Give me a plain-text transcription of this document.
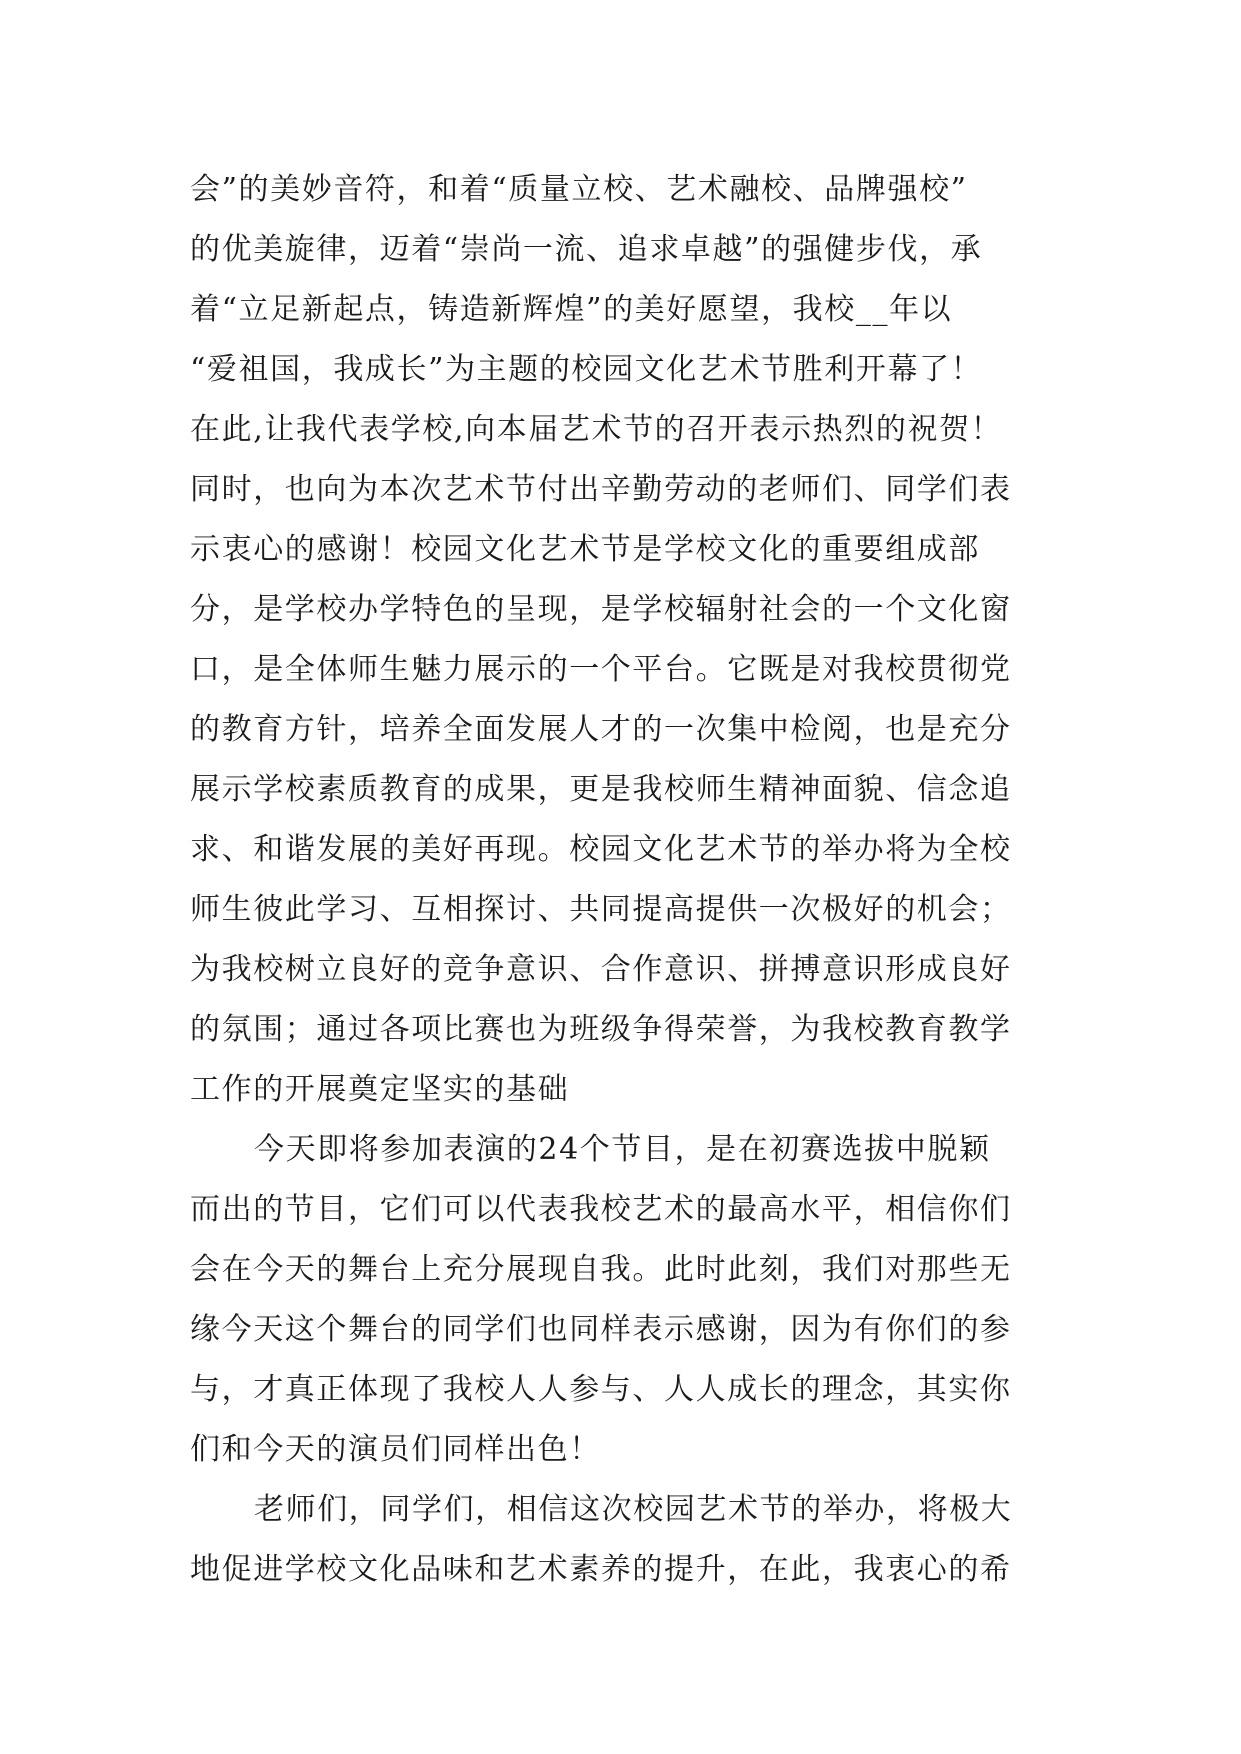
会”的美妙音符，和着“质量立校、艺术融校、品牌强校”
的优美旋律，迈着“崇尚一流、追求卓越”的强健步伐，承
着“立足新起点，铸造新辉煌”的美好愿望，我校__年以
“爱祖国，我成长”为主题的校园文化艺术节胜利开幕了！
在此,让我代表学校,向本届艺术节的召开表示热烈的祝贺！
同时，也向为本次艺术节付出辛勤劳动的老师们、同学们表
示衷心的感谢！校园文化艺术节是学校文化的重要组成部
分，是学校办学特色的呈现，是学校辐射社会的一个文化窗
口，是全体师生魅力展示的一个平台。它既是对我校贯彻党
的教育方针，培养全面发展人才的一次集中检阅，也是充分
展示学校素质教育的成果，更是我校师生精神面貌、信念追
求、和谐发展的美好再现。校园文化艺术节的举办将为全校
师生彼此学习、互相探讨、共同提高提供一次极好的机会；
为我校树立良好的竞争意识、合作意识、拼搏意识形成良好
的氛围；通过各项比赛也为班级争得荣誉，为我校教育教学
工作的开展奠定坚实的基础
今天即将参加表演的24个节目，是在初赛选拔中脱颖
而出的节目，它们可以代表我校艺术的最高水平，相信你们
会在今天的舞台上充分展现自我。此时此刻，我们对那些无
缘今天这个舞台的同学们也同样表示感谢，因为有你们的参
与，才真正体现了我校人人参与、人人成长的理念，其实你
们和今天的演员们同样出色！
老师们，同学们，相信这次校园艺术节的举办，将极大
地促进学校文化品味和艺术素养的提升，在此，我衷心的希
